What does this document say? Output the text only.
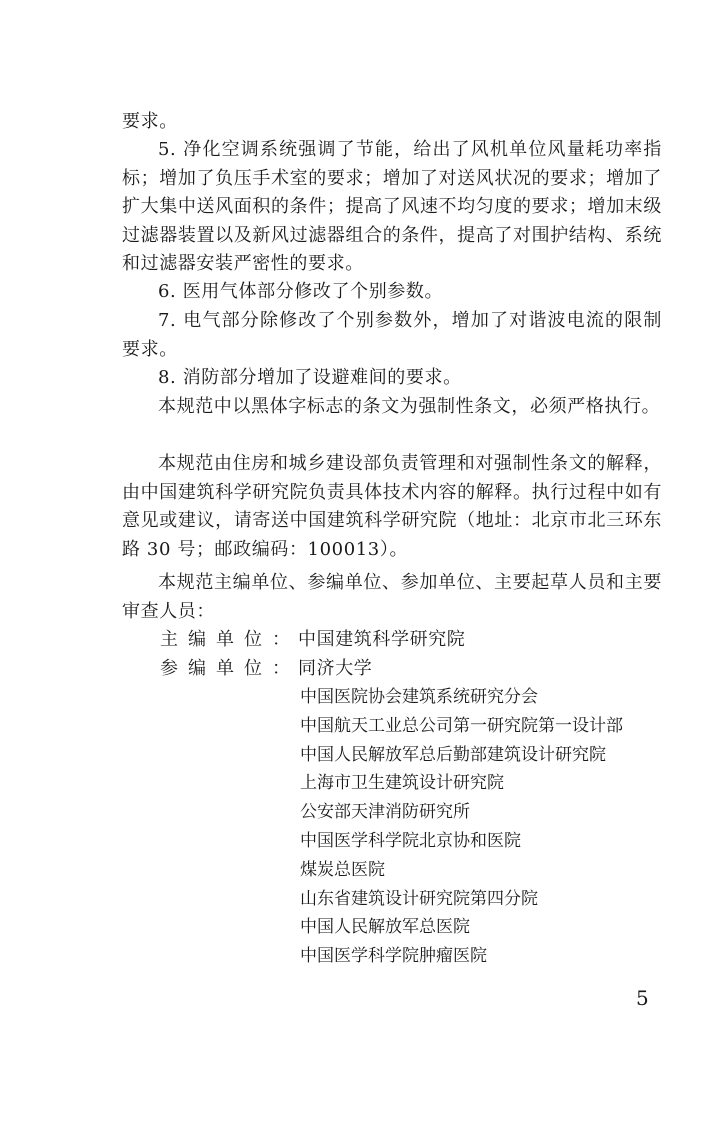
要求。

5. 净化空调系统强调了节能，给出了风机单位风量耗功率指标；增加了负压手术室的要求；增加了对送风状况的要求；增加了扩大集中送风面积的条件；提高了风速不均匀度的要求；增加末级过滤器装置以及新风过滤器组合的条件，提高了对围护结构、系统和过滤器安装严密性的要求。

6. 医用气体部分修改了个别参数。

7. 电气部分除修改了个别参数外，增加了对谐波电流的限制要求。

8. 消防部分增加了设避难间的要求。

本规范中以黑体字标志的条文为强制性条文，必须严格执行。

本规范由住房和城乡建设部负责管理和对强制性条文的解释，由中国建筑科学研究院负责具体技术内容的解释。执行过程中如有意见或建议，请寄送中国建筑科学研究院（地址：北京市北三环东路 30 号；邮政编码：100013）。

本规范主编单位、参编单位、参加单位、主要起草人员和主要审查人员：

主编单位：中国建筑科学研究院
参编单位：同济大学
中国医院协会建筑系统研究分会
中国航天工业总公司第一研究院第一设计部
中国人民解放军总后勤部建筑设计研究院
上海市卫生建筑设计研究院
公安部天津消防研究所
中国医学科学院北京协和医院
煤炭总医院
山东省建筑设计研究院第四分院
中国人民解放军总医院
中国医学科学院肿瘤医院
5
